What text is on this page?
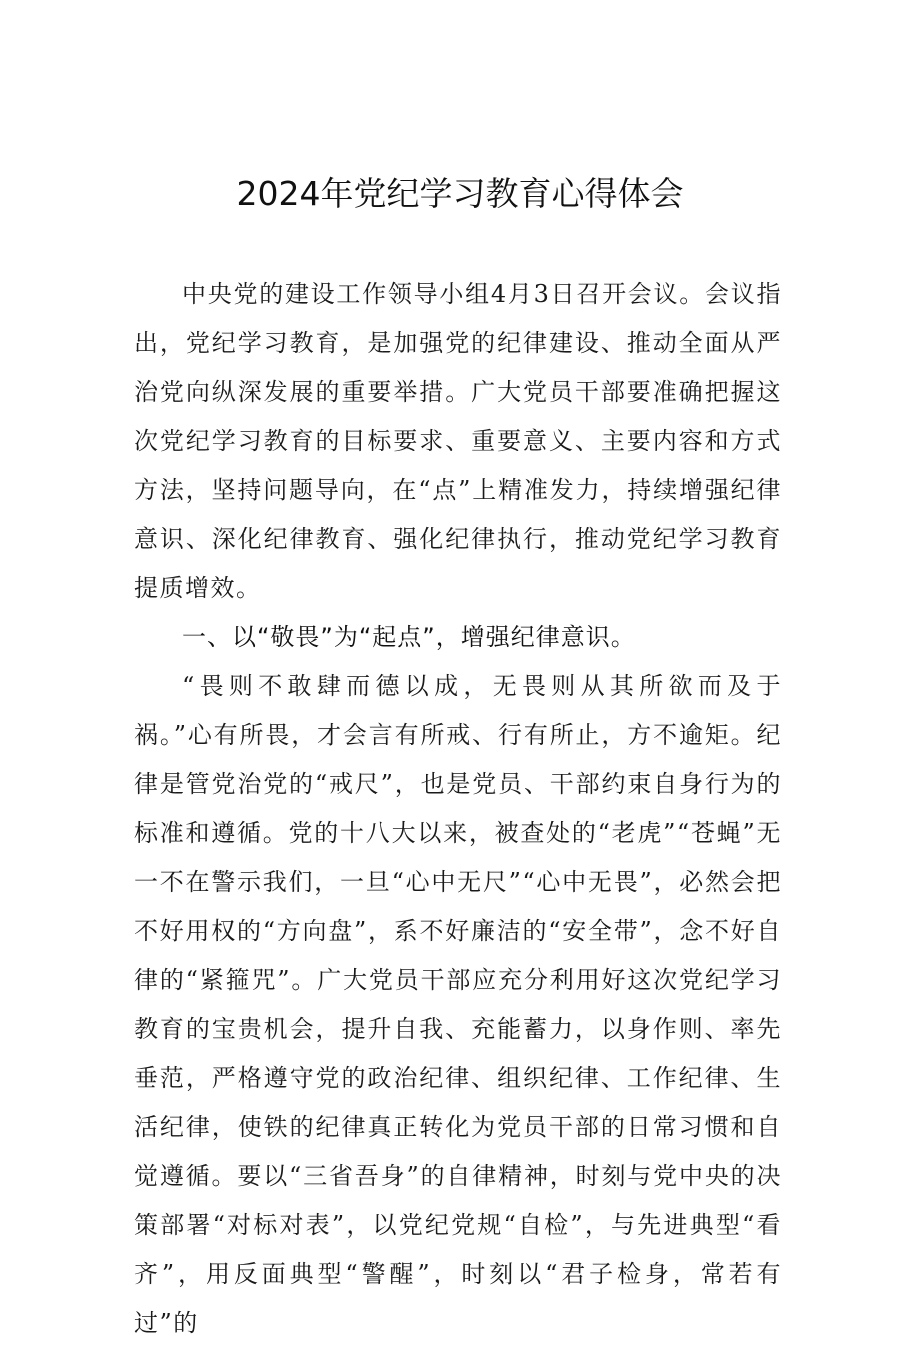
2024年党纪学习教育心得体会

中央党的建设工作领导小组4月3日召开会议。会议指出，党纪学习教育，是加强党的纪律建设、推动全面从严治党向纵深发展的重要举措。广大党员干部要准确把握这次党纪学习教育的目标要求、重要意义、主要内容和方式方法，坚持问题导向，在“点”上精准发力，持续增强纪律意识、深化纪律教育、强化纪律执行，推动党纪学习教育提质增效。

一、以“敬畏”为“起点”，增强纪律意识。

“畏则不敢肆而德以成，无畏则从其所欲而及于祸。”心有所畏，才会言有所戒、行有所止，方不逾矩。纪律是管党治党的“戒尺”，也是党员、干部约束自身行为的标准和遵循。党的十八大以来，被查处的“老虎”“苍蝇”无一不在警示我们，一旦“心中无尺”“心中无畏”，必然会把不好用权的“方向盘”，系不好廉洁的“安全带”，念不好自律的“紧箍咒”。广大党员干部应充分利用好这次党纪学习教育的宝贵机会，提升自我、充能蓄力，以身作则、率先垂范，严格遵守党的政治纪律、组织纪律、工作纪律、生活纪律，使铁的纪律真正转化为党员干部的日常习惯和自觉遵循。要以“三省吾身”的自律精神，时刻与党中央的决策部署“对标对表”，以党纪党规“自检”，与先进典型“看齐”，用反面典型“警醒”，时刻以“君子检身，常若有过”的
